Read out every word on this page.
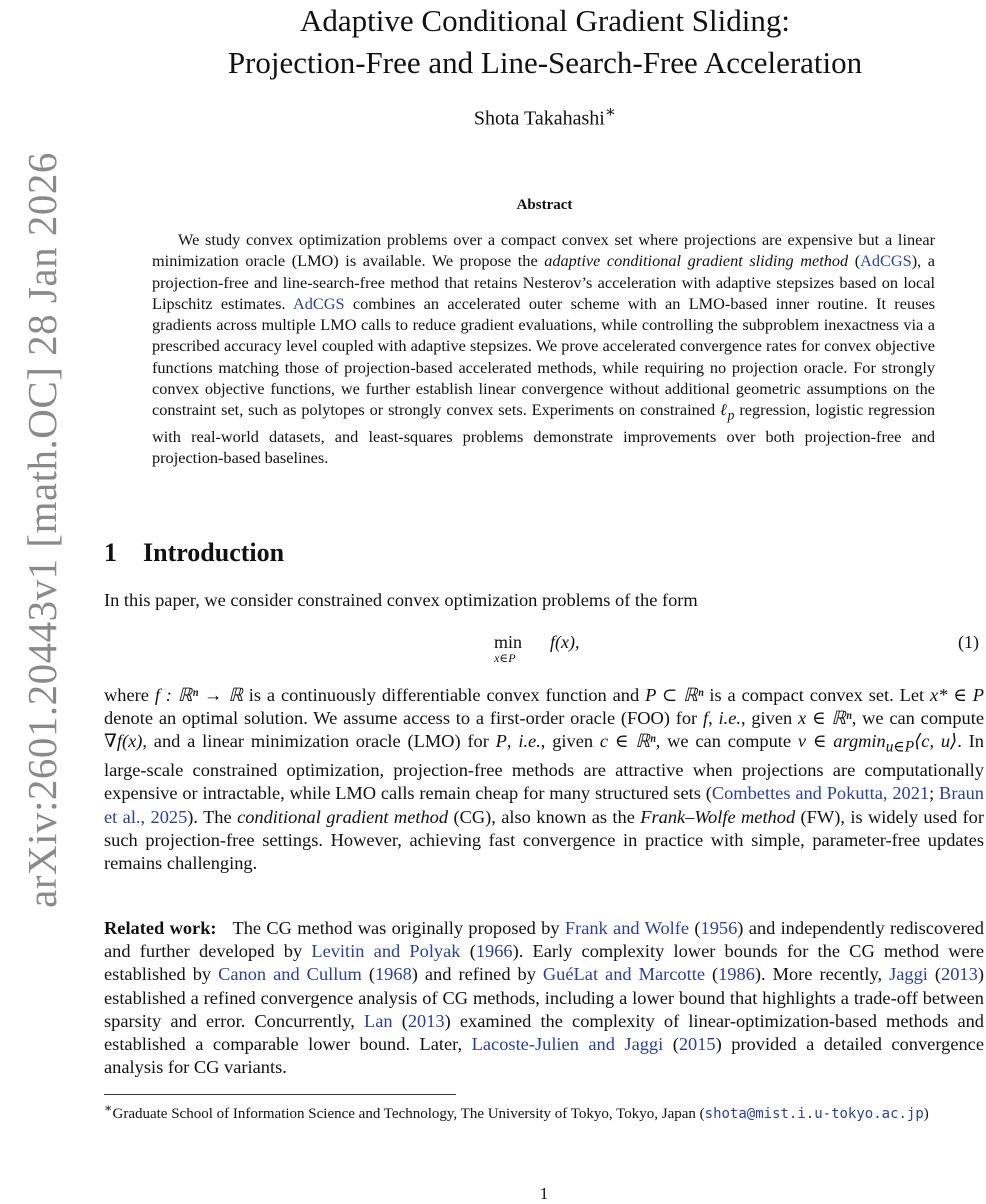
arXiv:2601.20443v1 [math.OC] 28 Jan 2026
Adaptive Conditional Gradient Sliding:
Projection-Free and Line-Search-Free Acceleration
Shota Takahashi∗
Abstract

We study convex optimization problems over a compact convex set where projections are expensive but a linear minimization oracle (LMO) is available. We propose the adaptive conditional gradient sliding method (AdCGS), a projection-free and line-search-free method that retains Nesterov’s acceleration with adaptive stepsizes based on local Lipschitz estimates. AdCGS combines an accelerated outer scheme with an LMO-based inner routine. It reuses gradients across multiple LMO calls to reduce gradient evaluations, while controlling the subproblem inexactness via a prescribed accuracy level coupled with adaptive stepsizes. We prove accelerated convergence rates for convex objective functions matching those of projection-based accelerated methods, while requiring no projection oracle. For strongly convex objective functions, we further establish linear convergence without additional geometric assumptions on the constraint set, such as polytopes or strongly convex sets. Experiments on constrained ℓ$_p$ regression, logistic regression with real-world datasets, and least-squares problems demonstrate improvements over both projection-free and projection-based baselines.

1 Introduction

In this paper, we consider constrained convex optimization problems of the form

min
x∈P
f(x),	(1)

where f : ℝⁿ → ℝ is a continuously differentiable convex function and P ⊂ ℝⁿ is a compact convex set. Let x* ∈ P denote an optimal solution. We assume access to a first-order oracle (FOO) for f, i.e., given x ∈ ℝⁿ, we can compute ∇f(x), and a linear minimization oracle (LMO) for P, i.e., given c ∈ ℝⁿ, we can compute v ∈ argmin$_{u\in P}$⟨c, u⟩. In large-scale constrained optimization, projection-free methods are attractive when projections are computationally expensive or intractable, while LMO calls remain cheap for many structured sets (Combettes and Pokutta, 2021; Braun et al., 2025). The conditional gradient method (CG), also known as the Frank–Wolfe method (FW), is widely used for such projection-free settings. However, achieving fast convergence in practice with simple, parameter-free updates remains challenging.

Related work: The CG method was originally proposed by Frank and Wolfe (1956) and independently rediscovered and further developed by Levitin and Polyak (1966). Early complexity lower bounds for the CG method were established by Canon and Cullum (1968) and refined by GuéLat and Marcotte (1986). More recently, Jaggi (2013) established a refined convergence analysis of CG methods, including a lower bound that highlights a trade-off between sparsity and error. Concurrently, Lan (2013) examined the complexity of linear-optimization-based methods and established a comparable lower bound. Later, Lacoste-Julien and Jaggi (2015) provided a detailed convergence analysis for CG variants.

∗Graduate School of Information Science and Technology, The University of Tokyo, Tokyo, Japan (shota@mist.i.u-tokyo.ac.jp)

1
